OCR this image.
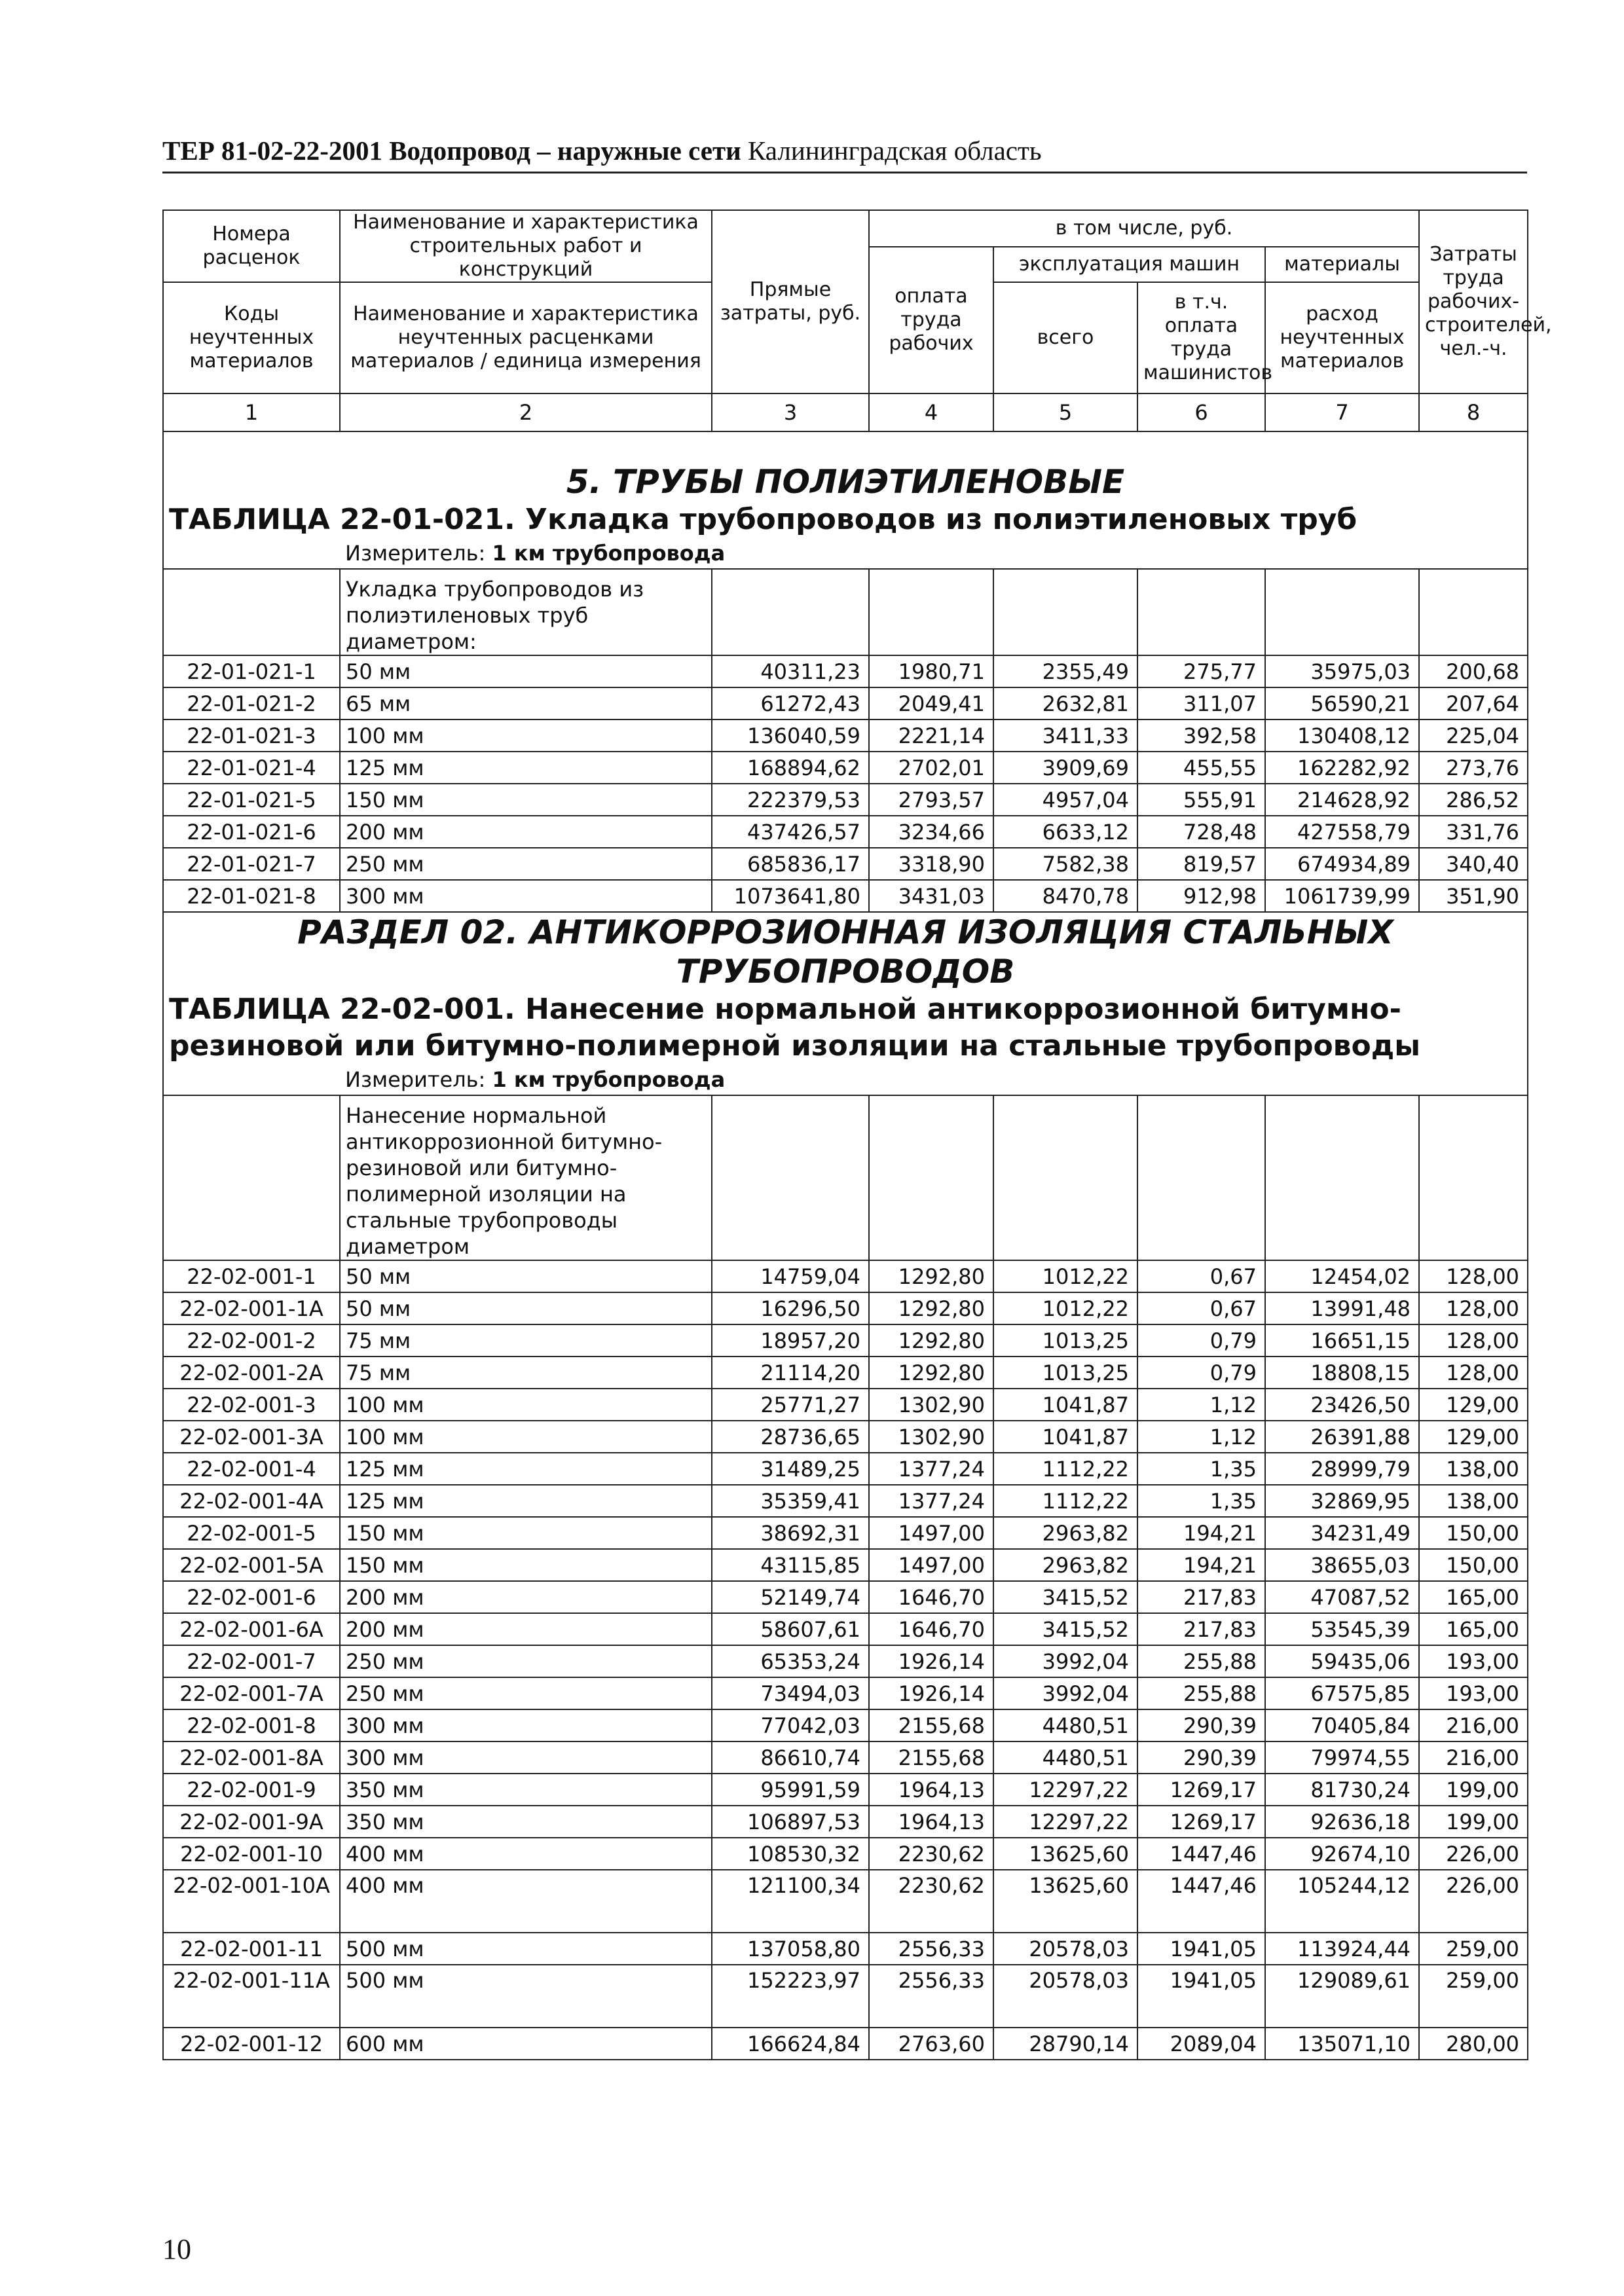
ТЕР 81-02-22-2001 Водопровод – наружные сети Калининградская область
Номера расценок	Наименование и характеристика строительных работ и конструкций	Прямые затраты, руб.	в том числе, руб.				Затраты труда рабочих-строителей, чел.-ч.
			оплата труда рабочих	эксплуатация машин		материалы	
Коды неучтенных материалов	Наименование и характеристика неучтенных расценками материалов / единица измерения			всего	в т.ч. оплата труда машинистов	расход неучтенных материалов	

1	2	3	4	5	6	7	8
5. ТРУБЫ ПОЛИЭТИЛЕНОВЫЕ							
ТАБЛИЦА 22-01-021. Укладка трубопроводов из полиэтиленовых труб							
	Измеритель: 1 км трубопровода						
	Укладка трубопроводов из полиэтиленовых труб диаметром:						
22-01-021-1	50 мм	40311,23	1980,71	2355,49	275,77	35975,03	200,68
22-01-021-2	65 мм	61272,43	2049,41	2632,81	311,07	56590,21	207,64
22-01-021-3	100 мм	136040,59	2221,14	3411,33	392,58	130408,12	225,04
22-01-021-4	125 мм	168894,62	2702,01	3909,69	455,55	162282,92	273,76
22-01-021-5	150 мм	222379,53	2793,57	4957,04	555,91	214628,92	286,52
22-01-021-6	200 мм	437426,57	3234,66	6633,12	728,48	427558,79	331,76
22-01-021-7	250 мм	685836,17	3318,90	7582,38	819,57	674934,89	340,40
22-01-021-8	300 мм	1073641,80	3431,03	8470,78	912,98	1061739,99	351,90
РАЗДЕЛ 02. АНТИКОРРОЗИОННАЯ ИЗОЛЯЦИЯ СТАЛЬНЫХ ТРУБОПРОВОДОВ							

ТАБЛИЦА 22-02-001. Нанесение нормальной антикоррозионной битумно-
резиновой или битумно-полимерной изоляции на стальные трубопроводы							

	Измеритель: 1 км трубопровода						
	Нанесение нормальной антикоррозионной битумно-резиновой или битумно-полимерной изоляции на стальные трубопроводы диаметром						
22-02-001-1	50 мм	14759,04	1292,80	1012,22	0,67	12454,02	128,00
22-02-001-1А	50 мм	16296,50	1292,80	1012,22	0,67	13991,48	128,00
22-02-001-2	75 мм	18957,20	1292,80	1013,25	0,79	16651,15	128,00
22-02-001-2А	75 мм	21114,20	1292,80	1013,25	0,79	18808,15	128,00
22-02-001-3	100 мм	25771,27	1302,90	1041,87	1,12	23426,50	129,00
22-02-001-3А	100 мм	28736,65	1302,90	1041,87	1,12	26391,88	129,00
22-02-001-4	125 мм	31489,25	1377,24	1112,22	1,35	28999,79	138,00
22-02-001-4А	125 мм	35359,41	1377,24	1112,22	1,35	32869,95	138,00
22-02-001-5	150 мм	38692,31	1497,00	2963,82	194,21	34231,49	150,00
22-02-001-5А	150 мм	43115,85	1497,00	2963,82	194,21	38655,03	150,00
22-02-001-6	200 мм	52149,74	1646,70	3415,52	217,83	47087,52	165,00
22-02-001-6А	200 мм	58607,61	1646,70	3415,52	217,83	53545,39	165,00
22-02-001-7	250 мм	65353,24	1926,14	3992,04	255,88	59435,06	193,00
22-02-001-7А	250 мм	73494,03	1926,14	3992,04	255,88	67575,85	193,00
22-02-001-8	300 мм	77042,03	2155,68	4480,51	290,39	70405,84	216,00
22-02-001-8А	300 мм	86610,74	2155,68	4480,51	290,39	79974,55	216,00
22-02-001-9	350 мм	95991,59	1964,13	12297,22	1269,17	81730,24	199,00
22-02-001-9А	350 мм	106897,53	1964,13	12297,22	1269,17	92636,18	199,00
22-02-001-10	400 мм	108530,32	2230,62	13625,60	1447,46	92674,10	226,00
22-02-001-10А	400 мм	121100,34	2230,62	13625,60	1447,46	105244,12	226,00
22-02-001-11	500 мм	137058,80	2556,33	20578,03	1941,05	113924,44	259,00
22-02-001-11А	500 мм	152223,97	2556,33	20578,03	1941,05	129089,61	259,00
22-02-001-12	600 мм	166624,84	2763,60	28790,14	2089,04	135071,10	280,00
10
